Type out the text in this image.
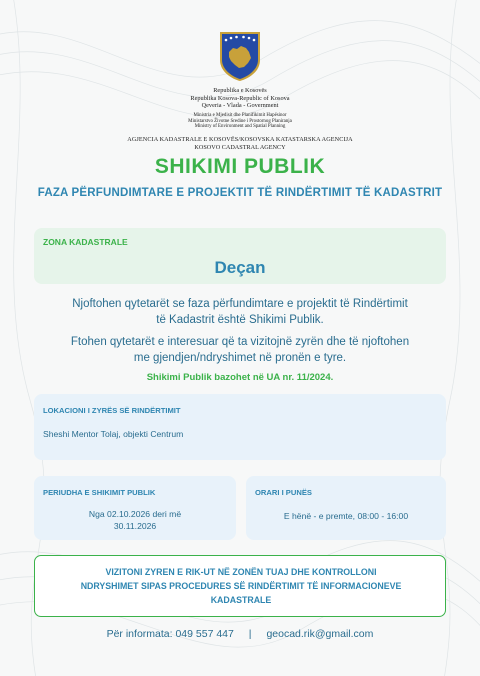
Republika e Kosovës
Republika Kosova-Republic of Kosova
Qeveria - Vlada - Government
Ministria e Mjedisit dhe Planifikimit Hapësinor
Ministarstvo Životne Sredine i Prostornog Planiranja
Ministry of Environment and Spatial Planning
AGJENCIA KADASTRALE E KOSOVËS/KOSOVSKA KATASTARSKA AGENCIJA
KOSOVO CADASTRAL AGENCY
SHIKIMI PUBLIK
FAZA PËRFUNDIMTARE E PROJEKTIT TË RINDËRTIMIT TË KADASTRIT
ZONA KADASTRALE
Deçan
Njoftohen qytetarët se faza përfundimtare e projektit të Rindërtimit
të Kadastrit është Shikimi Publik.
Ftohen qytetarët e interesuar që ta vizitojnë zyrën dhe të njoftohen
me gjendjen/ndryshimet në pronën e tyre.
Shikimi Publik bazohet në UA nr. 11/2024.
LOKACIONI I ZYRËS SË RINDËRTIMIT
Sheshi Mentor Tolaj, objekti Centrum
PERIUDHA E SHIKIMIT PUBLIK
Nga 02.10.2026 deri më
30.11.2026
ORARI I PUNËS
E hënë - e premte, 08:00 - 16:00
VIZITONI ZYREN E RIK-UT NË ZONËN TUAJ DHE KONTROLLONI
NDRYSHIMET SIPAS PROCEDURES SË RINDËRTIMIT TË INFORMACIONEVE
KADASTRALE
Për informata: 049 557 447 | geocad.rik@gmail.com
